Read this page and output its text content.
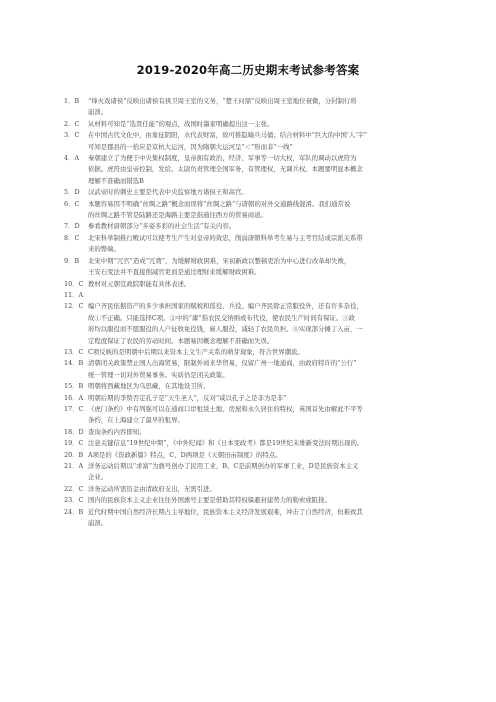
2019-2020年高二历史期末考试参考答案
1．B	“烽火戏诸侯”反映出诸侯有拱卫周王室的义务，“楚王问鼎”反映出周王室地位衰微，分封制行将
崩溃。
2．C	从材料可知是“选贤任能”的观点，战国时墨家明确提出这一主张。
3．C	在中国古代文化中，由象征阴阳，水代表财富，故可推隐喻兵马俑；结合材料中“巨大的中国‘人’字”
可知是郡县的一拾应是京杭大运河，因为隋朝大运河呈“＜”形而非“一线”
4．A	秦朝建立了为便于中央集权制度，皇帝拥有政治、经济、军事等一切大权，军队的调动以虎符为
依据。虎符由皇帝控制，发给。太尉负责管理全国军务，有管理权，无调兵权。本题要明显本概念
理解不准确而错选B
5．D	汉武帝时的刺史主要是代表中央监察地方诸侯王和高官。
6．C	本题容易因不明确“丝绸之路”概念而误将“丝绸之路”与唐朝的对外交通路线混淆。我们通常说
的丝绸之路不管是陆路还是海路主要是指通往西方的贸易商道。
7．D	参看教材唐朝部分“多姿多彩的社会生活”有关内容。
8．C	北宋科举制推行殿试可以使考生产生对皇帝的效忠，削弱唐朝科举考生易与主考官结成宗派关系带
来的弊端。
9．B	北宋中期“冗官”造成“冗费”，为缓解财政困难，宋初新政以整顿吏治为中心进行改革却失败，
王安石变法并不直接削减官吏而是通过理财来缓解财政困难。
10．C 教材对元朝宣政院职能有具体表述。
11．A
12．C 编户齐民依据资产的多少承担国家的赋税和徭役、兵役。编户齐民除正常服役外，还有许多杂役，
故①不正确。只能选择C项。②中的“庸”指农民交纳绢或布代役，使农民生产时间有保证。③政
府均以服役而不愿服役的人户征收免役钱，雇人服役，减轻了农民负担。④实现部分摊丁入亩，一
定程度保证了农民的劳动时间。本题易因概念理解不准确而失误。
13．C C项反映的是明朝中后期以来资本主义生产关系的萌芽现象，符合世界潮流。
14．B 清朝闭关政策禁止国人出海贸易，限制外商来华贸易，仅留广州一地通商，由政府特许的“公行”
统一管理一切对外贸易事务。实质仍是闭关政策。
15．B 明朝将西藏地区为乌思藏，在其地设卫所。
16．A 明朝后期的李贽否定孔子是“天生圣人”，反对“咸以孔子之是非为是非”
17．C 《虎门条约》中有列强可以在通商口岸租赁土地、房屋和永久居住的特权，英国首先由解此不平等
条约，在上海建立了最早的租界。
18．D 查询条约内容即知。
19．C 注意关键信息“19世纪中期”，《中外纪闻》和《日本变政考》都是19世纪末维新变法时期出现的。
20．B A项是的《资政新篇》特点，C、D两项是《天朝田亩制度》的特点。
21．A 洋务运动后期以“求富”为旗号创办了民用工业，B、C是前期创办的军事工业，D是民族资本主义
企业。
22．C 洋务运动所需资金由清政府支出，无需引进。
23．C 国内的民族资本主义企业往往外国旗号主要是借助其特权躲避封建势力的勒索或阻挠。
24．B 近代时期中国自然经济长期占主导地位，民族资本主义经济发展艰难，冲击了自然经济，但难致其
崩溃。
